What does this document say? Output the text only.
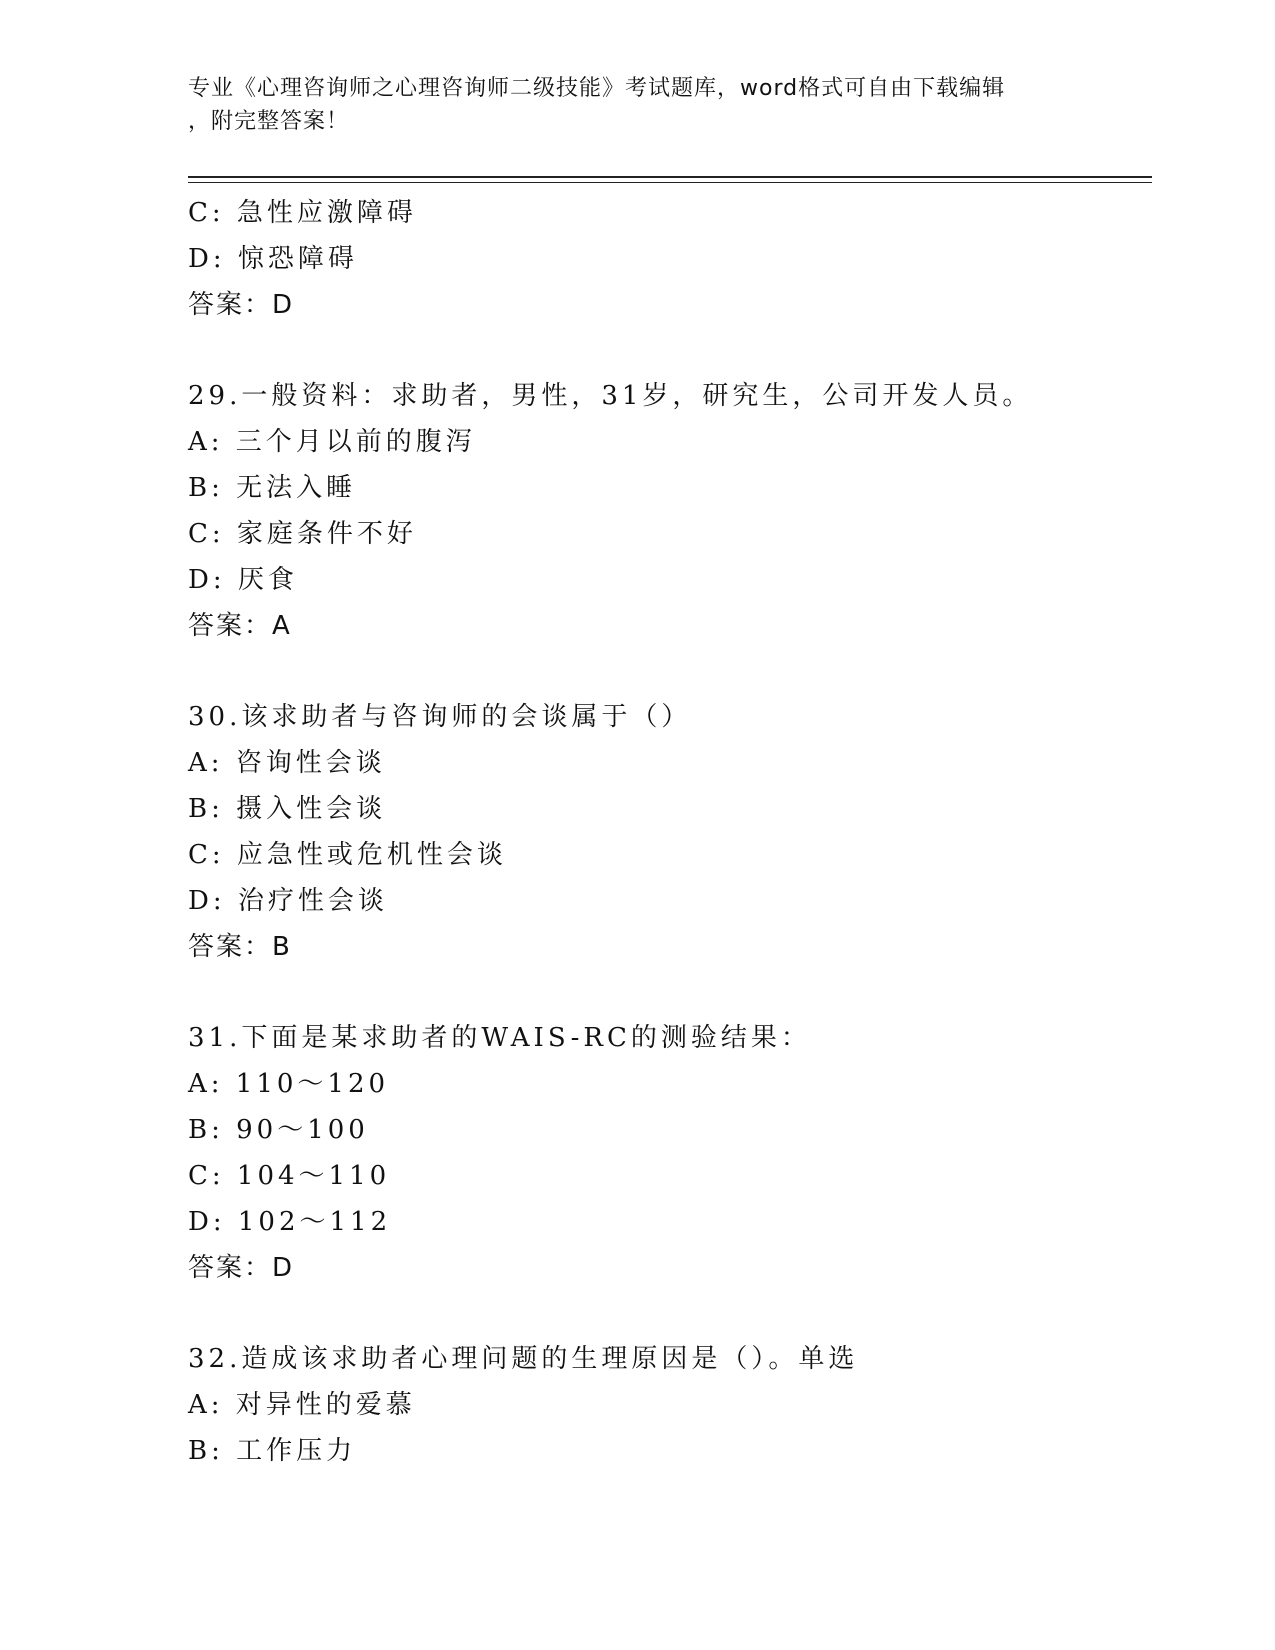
专业《心理咨询师之心理咨询师二级技能》考试题库，word格式可自由下载编辑
，附完整答案！
C: 急性应激障碍
D: 惊恐障碍
答案：D
29.一般资料：求助者，男性，31岁，研究生，公司开发人员。
A: 三个月以前的腹泻
B: 无法入睡
C: 家庭条件不好
D: 厌食
答案：A
30.该求助者与咨询师的会谈属于（）
A: 咨询性会谈
B: 摄入性会谈
C: 应急性或危机性会谈
D: 治疗性会谈
答案：B
31.下面是某求助者的WAIS-RC的测验结果：
A: 110～120
B: 90～100
C: 104～110
D: 102～112
答案：D
32.造成该求助者心理问题的生理原因是（）。单选
A: 对异性的爱慕
B: 工作压力
